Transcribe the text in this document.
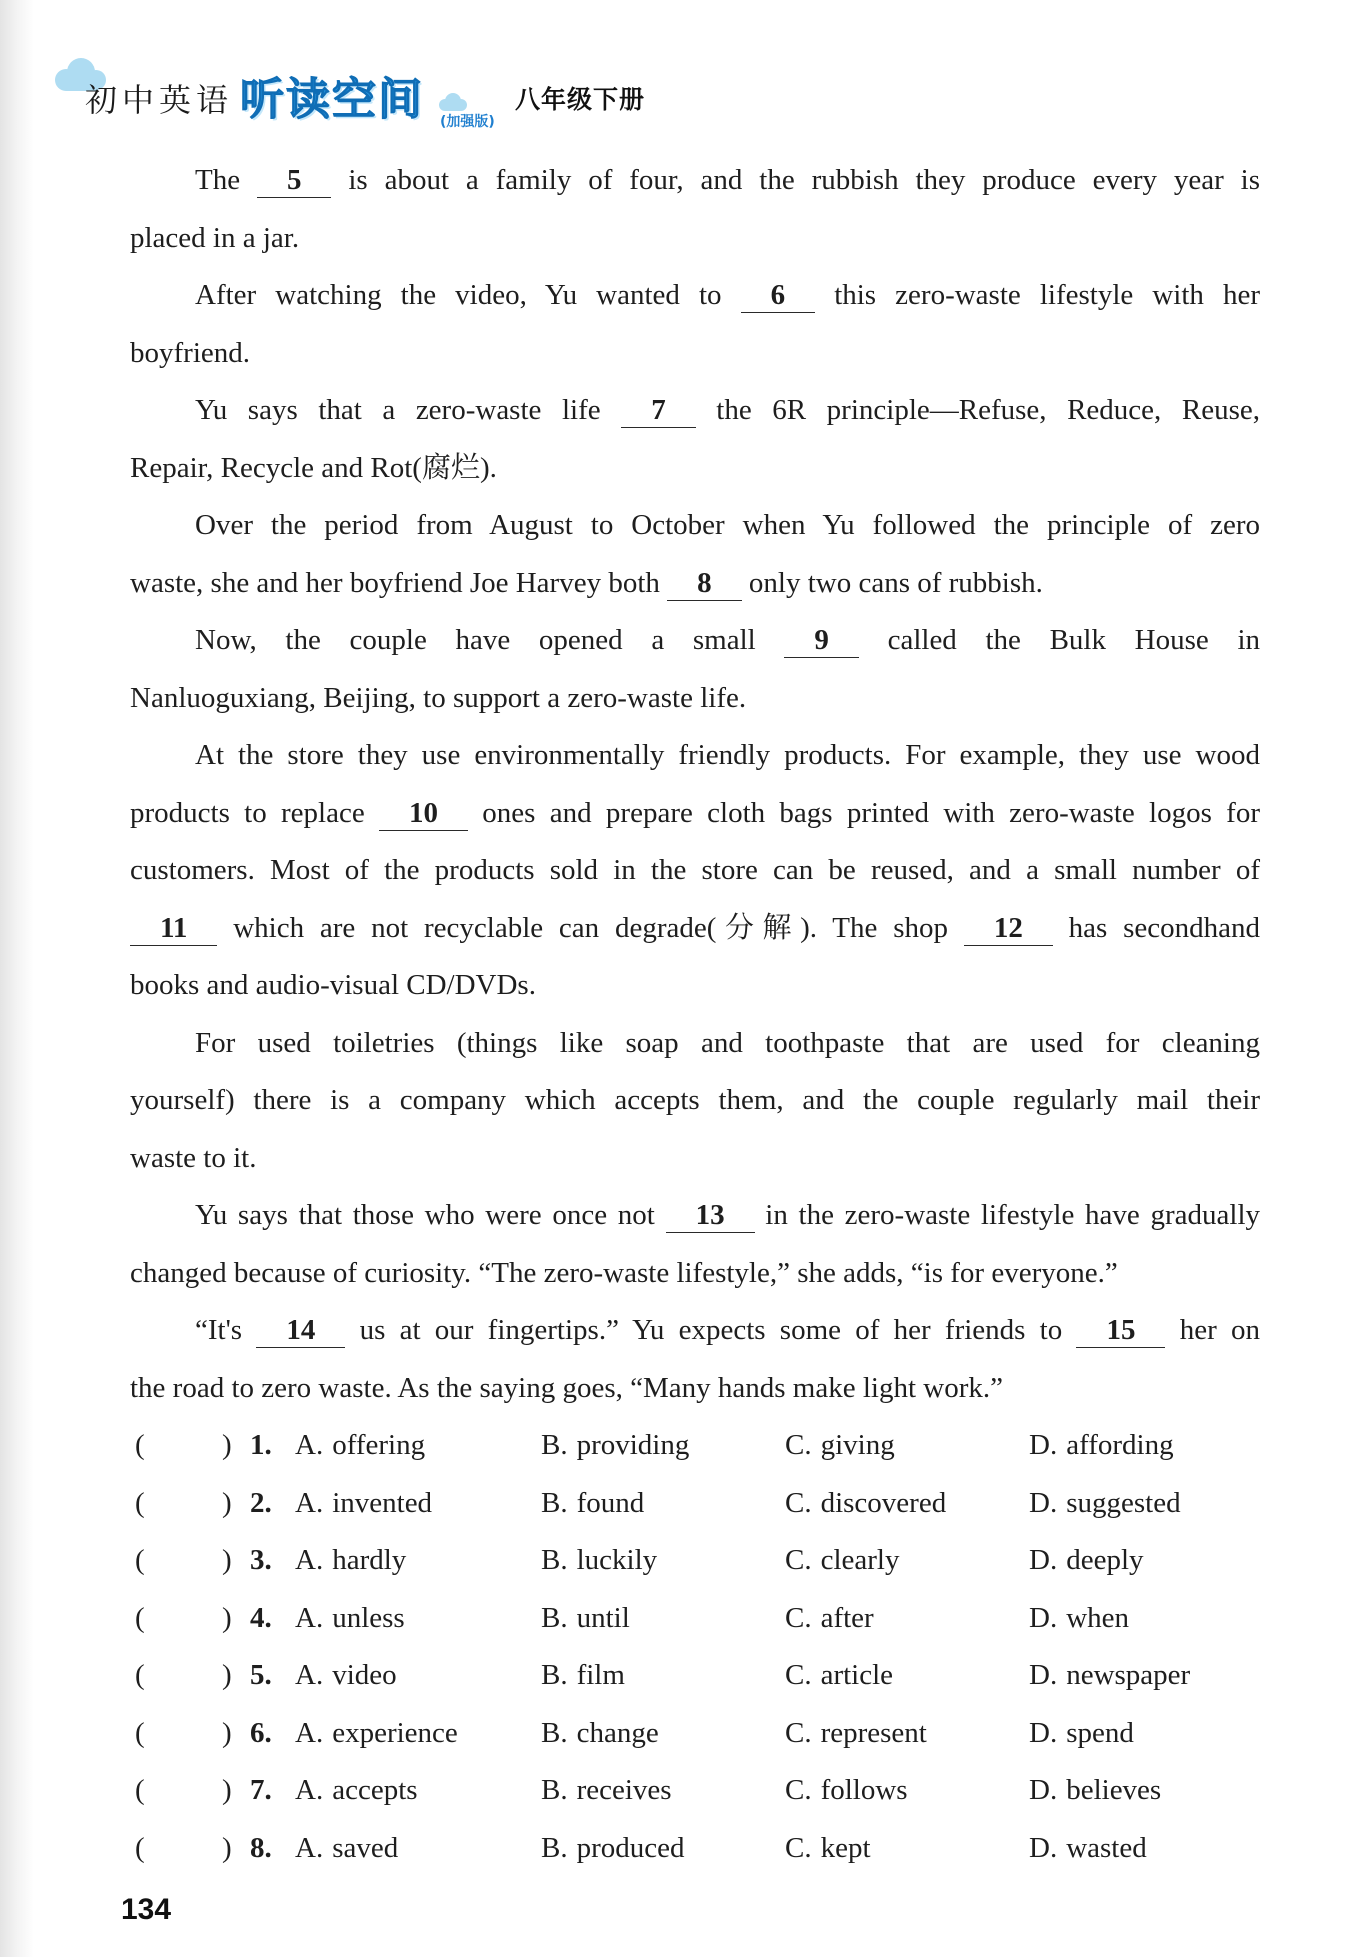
初中英语 听读空间 (加强版)
八年级下册
The 5 is about a family of four, and the rubbish they produce every year is
placed in a jar.
After watching the video, Yu wanted to 6 this zero-waste lifestyle with her
boyfriend.
Yu says that a zero-waste life 7 the 6R principle—Refuse, Reduce, Reuse,
Repair, Recycle and Rot(腐烂).
Over the period from August to October when Yu followed the principle of zero
waste, she and her boyfriend Joe Harvey both 8 only two cans of rubbish.
Now, the couple have opened a small 9 called the Bulk House in
Nanluoguxiang, Beijing, to support a zero-waste life.
At the store they use environmentally friendly products. For example, they use wood
products to replace 10 ones and prepare cloth bags printed with zero-waste logos for
customers. Most of the products sold in the store can be reused, and a small number of
11 which are not recyclable can degrade(分解). The shop 12 has secondhand
books and audio-visual CD/DVDs.
For used toiletries (things like soap and toothpaste that are used for cleaning
yourself) there is a company which accepts them, and the couple regularly mail their
waste to it.
Yu says that those who were once not 13 in the zero-waste lifestyle have gradually
changed because of curiosity. “The zero-waste lifestyle,” she adds, “is for everyone.”
“It's 14 us at our fingertips.” Yu expects some of her friends to 15 her on
the road to zero waste. As the saying goes, “Many hands make light work.”
(	) 1. A. offering	B. providing	C. giving	D. affording
(	) 2. A. invented	B. found	C. discovered	D. suggested
(	) 3. A. hardly	B. luckily	C. clearly	D. deeply
(	) 4. A. unless	B. until	C. after	D. when
(	) 5. A. video	B. film	C. article	D. newspaper
(	) 6. A. experience	B. change	C. represent	D. spend
(	) 7. A. accepts	B. receives	C. follows	D. believes
(	) 8. A. saved	B. produced	C. kept	D. wasted
134
